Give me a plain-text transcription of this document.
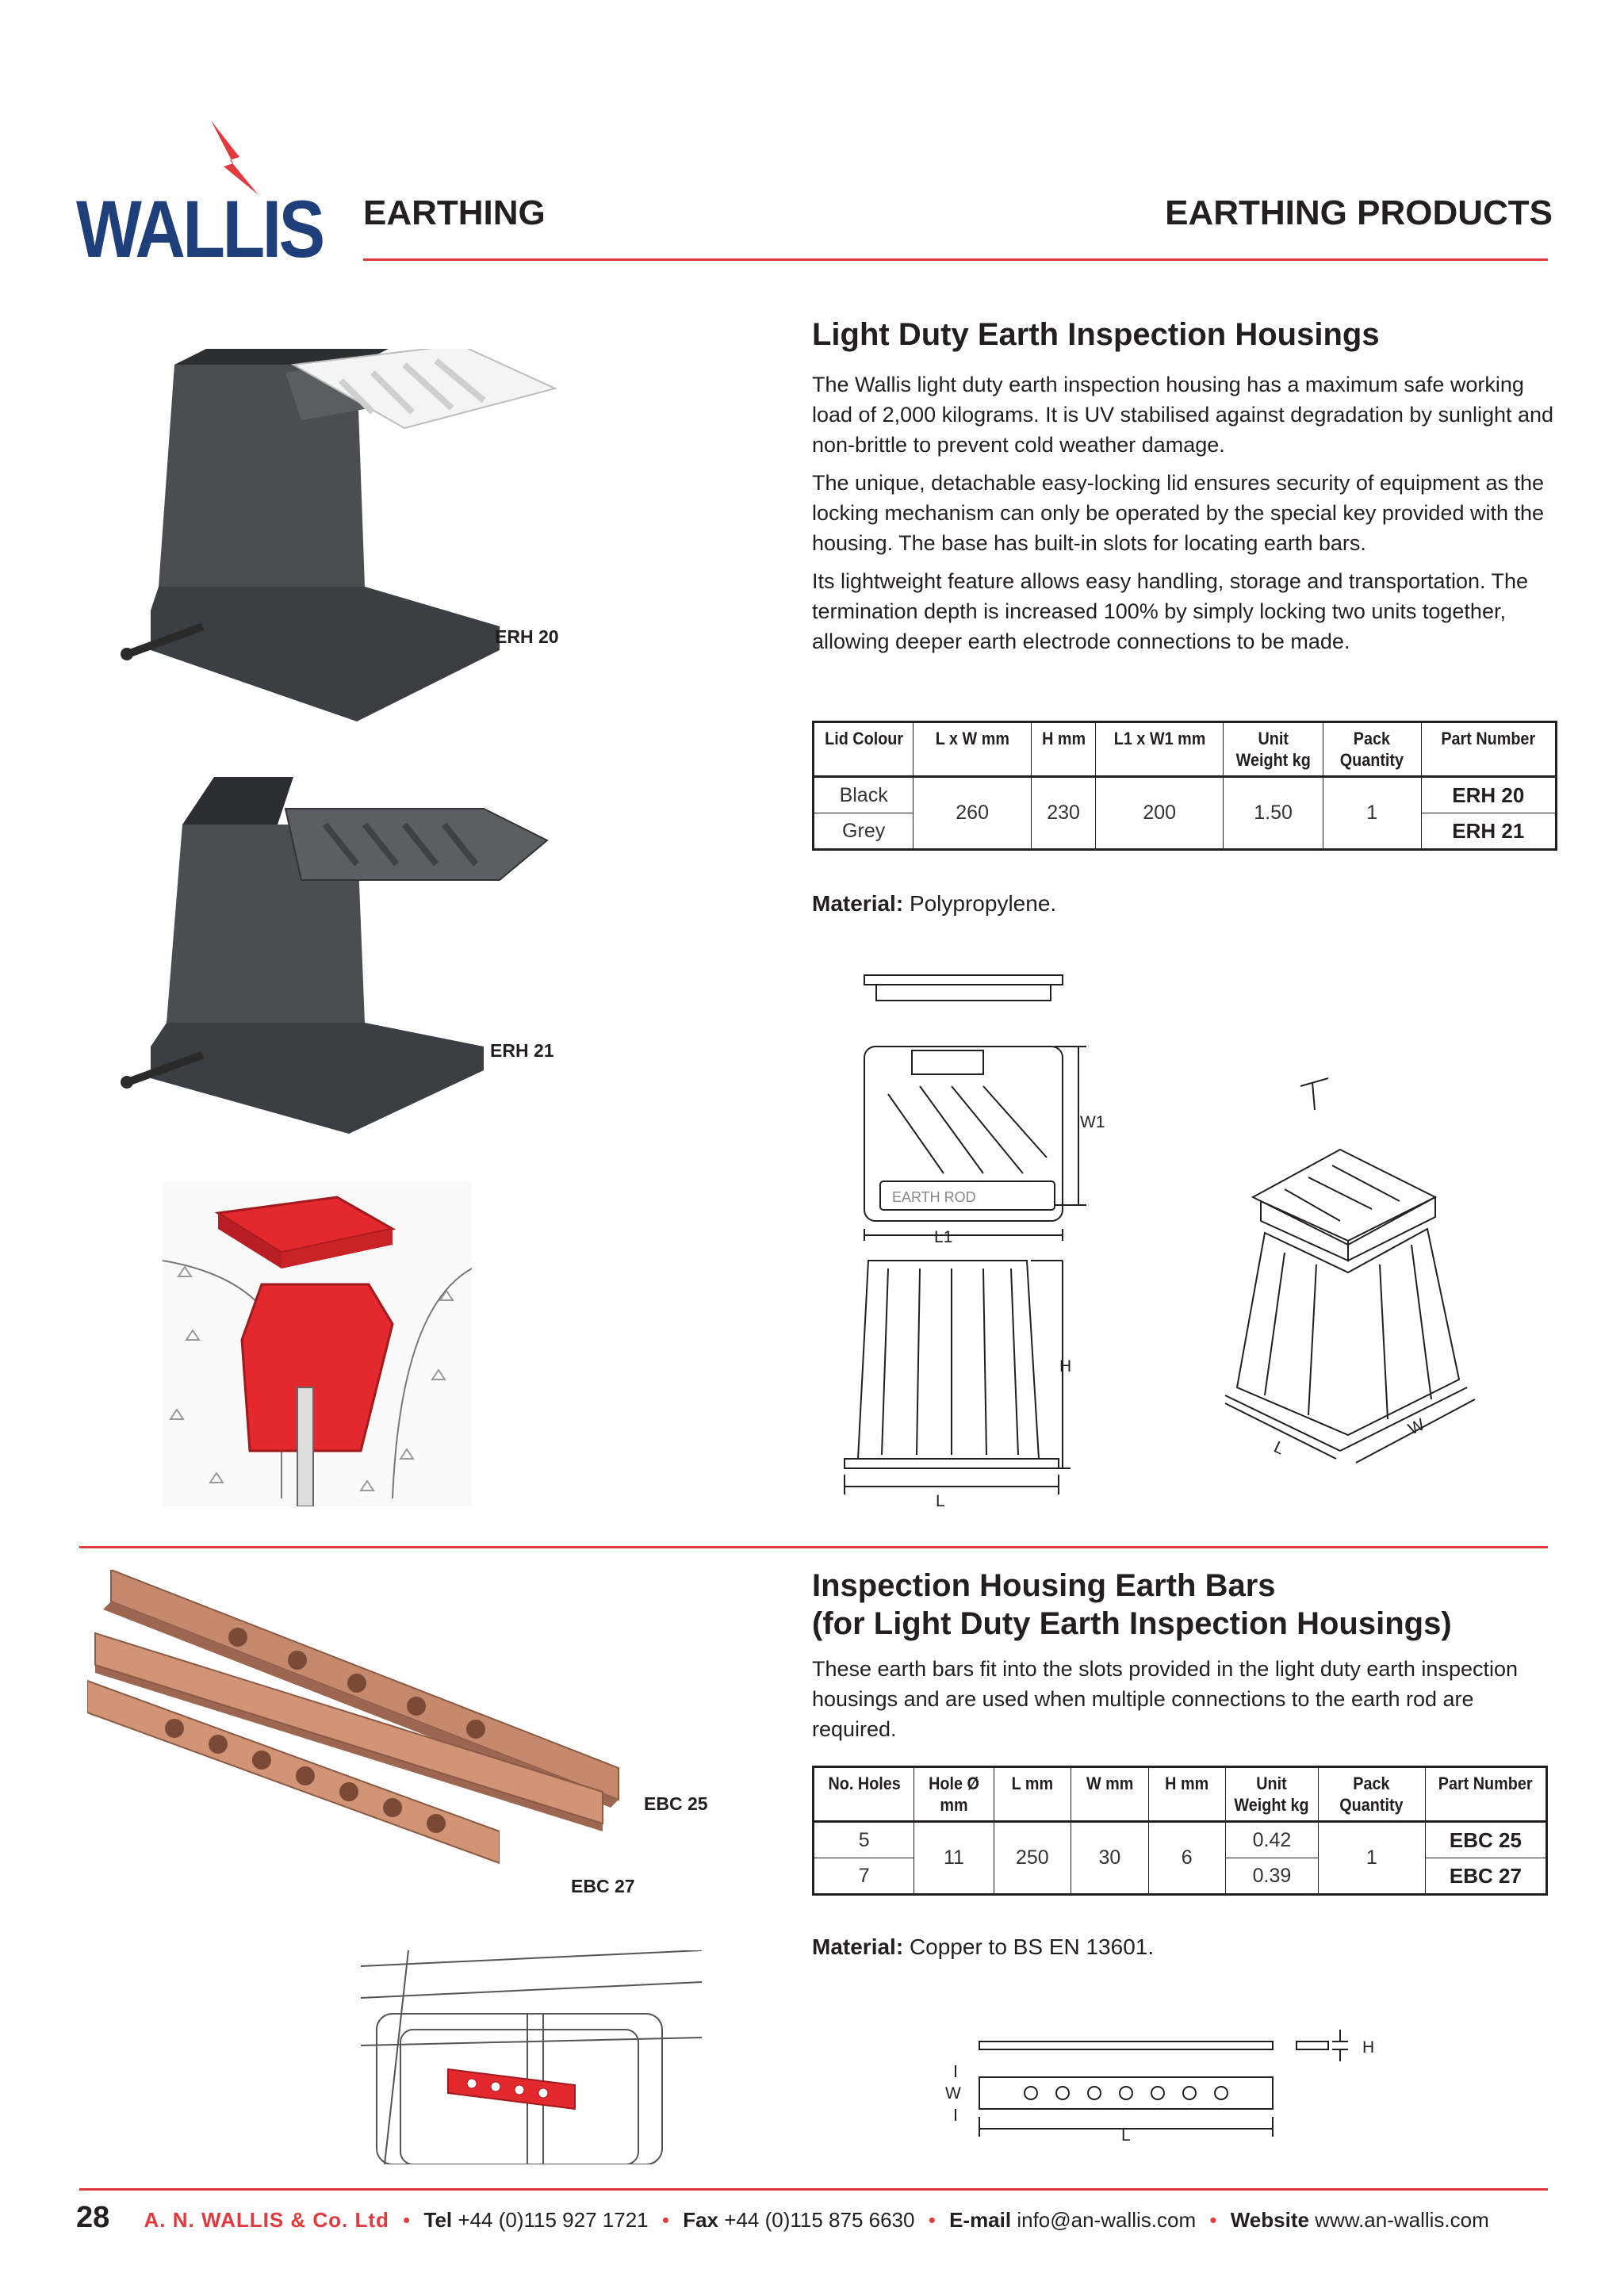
WALLIS EARTHING	EARTHING PRODUCTS
ERH 20
ERH 21
Light Duty Earth Inspection Housings

The Wallis light duty earth inspection housing has a maximum safe working load of 2,000 kilograms. It is UV stabilised against degradation by sunlight and non-brittle to prevent cold weather damage.

The unique, detachable easy-locking lid ensures security of equipment as the locking mechanism can only be operated by the special key provided with the housing. The base has built-in slots for locating earth bars.

Its lightweight feature allows easy handling, storage and transportation. The termination depth is increased 100% by simply locking two units together, allowing deeper earth electrode connections to be made.

Lid Colour	L x W mm	H mm	L1 x W1 mm	Unit Weight kg	Pack Quantity	Part Number
Black	260	230	200	1.50	1	ERH 20
Grey						ERH 21
Material: Polypropylene.
W1
L1
H
L
L
W
EARTH ROD
EBC 25
EBC 27
Inspection Housing Earth Bars
(for Light Duty Earth Inspection Housings)

These earth bars fit into the slots provided in the light duty earth inspection housings and are used when multiple connections to the earth rod are required.

No. Holes	Hole Ø mm	L mm	W mm	H mm	Unit Weight kg	Pack Quantity	Part Number
5	11	250	30	6	0.42	1	EBC 25
7					0.39		EBC 27
Material: Copper to BS EN 13601.
H
W
L
28 A. N. WALLIS & Co. Ltd • Tel +44 (0)115 927 1721 • Fax +44 (0)115 875 6630 • E-mail info@an-wallis.com • Website www.an-wallis.com
